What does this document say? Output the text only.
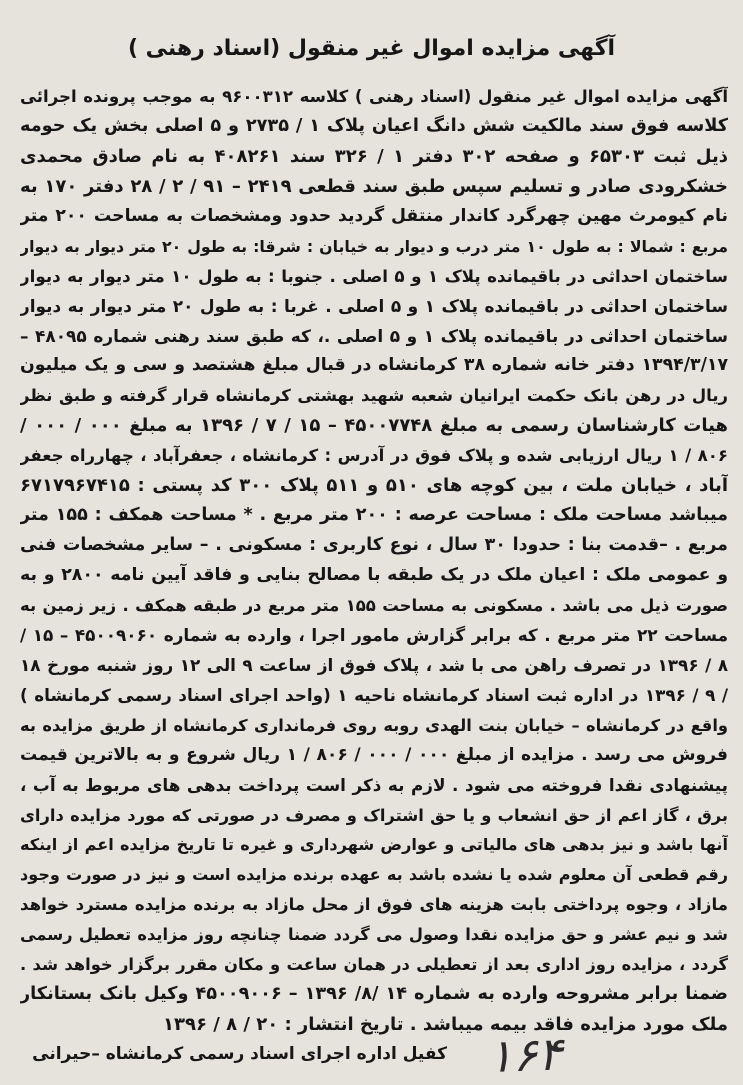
آگهی مزایده اموال غیر منقول (اسناد رهنی )
آگهی مزایده اموال غیر منقول (اسناد رهنی ) کلاسه ۹۶۰۰۳۱۲ به موجب پرونده اجرائی
کلاسه فوق سند مالکیت شش دانگ اعیان پلاک ۱ / ۲۷۳۵ و ۵ اصلی بخش یک حومه
ذیل ثبت ۶۵۳۰۳ و صفحه ۳۰۲ دفتر ۱ / ۳۲۶ سند ۴۰۸۲۶۱ به نام صادق محمدی
خشکرودی صادر و تسلیم سپس طبق سند قطعی ۲۴۱۹ – ۹۱ / ۲ / ۲۸ دفتر ۱۷۰ به
نام کیومرث مهین چهرگرد کاندار منتقل گردید حدود ومشخصات به مساحت ۲۰۰ متر
مربع : شمالا : به طول ۱۰ متر درب و دیوار به خیابان : شرقا: به طول ۲۰ متر دیوار به دیوار
ساختمان احداثی در باقیمانده پلاک ۱ و ۵ اصلی . جنوبا : به طول ۱۰ متر دیوار به دیوار
ساختمان احداثی در باقیمانده پلاک ۱ و ۵ اصلی . غربا : به طول ۲۰ متر دیوار به دیوار
ساختمان احداثی در باقیمانده پلاک ۱ و ۵ اصلی .، که طبق سند رهنی شماره ۴۸۰۹۵ –
۱۳۹۴/۳/۱۷ دفتر خانه شماره ۳۸ کرمانشاه در قبال مبلغ هشتصد و سی و یک میلیون
ریال در رهن بانک حکمت ایرانیان شعبه شهید بهشتی کرمانشاه قرار گرفته و طبق نظر
هیات کارشناسان رسمی به مبلغ ۴۵۰۰۷۷۴۸ – ۱۵ / ۷ / ۱۳۹۶ به مبلغ ۰۰۰ / ۰۰۰ /
۸۰۶ / ۱ ریال ارزیابی شده و پلاک فوق در آدرس : کرمانشاه ، جعفرآباد ، چهارراه جعفر
آباد ، خیابان ملت ، بین کوچه های ۵۱۰ و ۵۱۱ پلاک ۳۰۰ کد پستی : ۶۷۱۷۹۶۷۴۱۵
میباشد مساحت ملک : مساحت عرصه : ۲۰۰ متر مربع . * مساحت همکف : ۱۵۵ متر
مربع . –قدمت بنا : حدودا ۳۰ سال ، نوع کاربری : مسکونی . – سایر مشخصات فنی
و عمومی ملک : اعیان ملک در یک طبقه با مصالح بنایی و فاقد آیین نامه ۲۸۰۰ و به
صورت ذیل می باشد . مسکونی به مساحت ۱۵۵ متر مربع در طبقه همکف . زیر زمین به
مساحت ۲۲ متر مربع . که برابر گزارش مامور اجرا ، وارده به شماره ۴۵۰۰۹۰۶۰ – ۱۵ /
۸ / ۱۳۹۶ در تصرف راهن می با شد ، پلاک فوق از ساعت ۹ الی ۱۲ روز شنبه مورخ ۱۸
/ ۹ / ۱۳۹۶ در اداره ثبت اسناد کرمانشاه ناحیه ۱ (واحد اجرای اسناد رسمی کرمانشاه )
واقع در کرمانشاه – خیابان بنت الهدی روبه روی فرمانداری کرمانشاه از طریق مزایده به
فروش می رسد . مزایده از مبلغ ۰۰۰ / ۰۰۰ / ۸۰۶ / ۱ ریال شروع و به بالاترین قیمت
پیشنهادی نقدا فروخته می شود . لازم به ذکر است پرداخت بدهی های مربوط به آب ،
برق ، گاز اعم از حق انشعاب و یا حق اشتراک و مصرف در صورتی که مورد مزایده دارای
آنها باشد و نیز بدهی های مالیاتی و عوارض شهرداری و غیره تا تاریخ مزایده اعم از اینکه
رقم قطعی آن معلوم شده یا نشده باشد به عهده برنده مزایده است و نیز در صورت وجود
مازاد ، وجوه پرداختی بابت هزینه های فوق از محل مازاد به برنده مزایده مسترد خواهد
شد و نیم عشر و حق مزایده نقدا وصول می گردد ضمنا چنانچه روز مزایده تعطیل رسمی
گردد ، مزایده روز اداری بعد از تعطیلی در همان ساعت و مکان مقرر برگزار خواهد شد .
ضمنا برابر مشروحه وارده به شماره ۱۴ /۸/ ۱۳۹۶ – ۴۵۰۰۹۰۰۶ وکیل بانک بستانکار
ملک مورد مزایده فاقد بیمه میباشد . تاریخ انتشار : ۲۰ / ۸ / ۱۳۹۶
کفیل اداره اجرای اسناد رسمی کرمانشاه –حیرانی ۱۶۴
